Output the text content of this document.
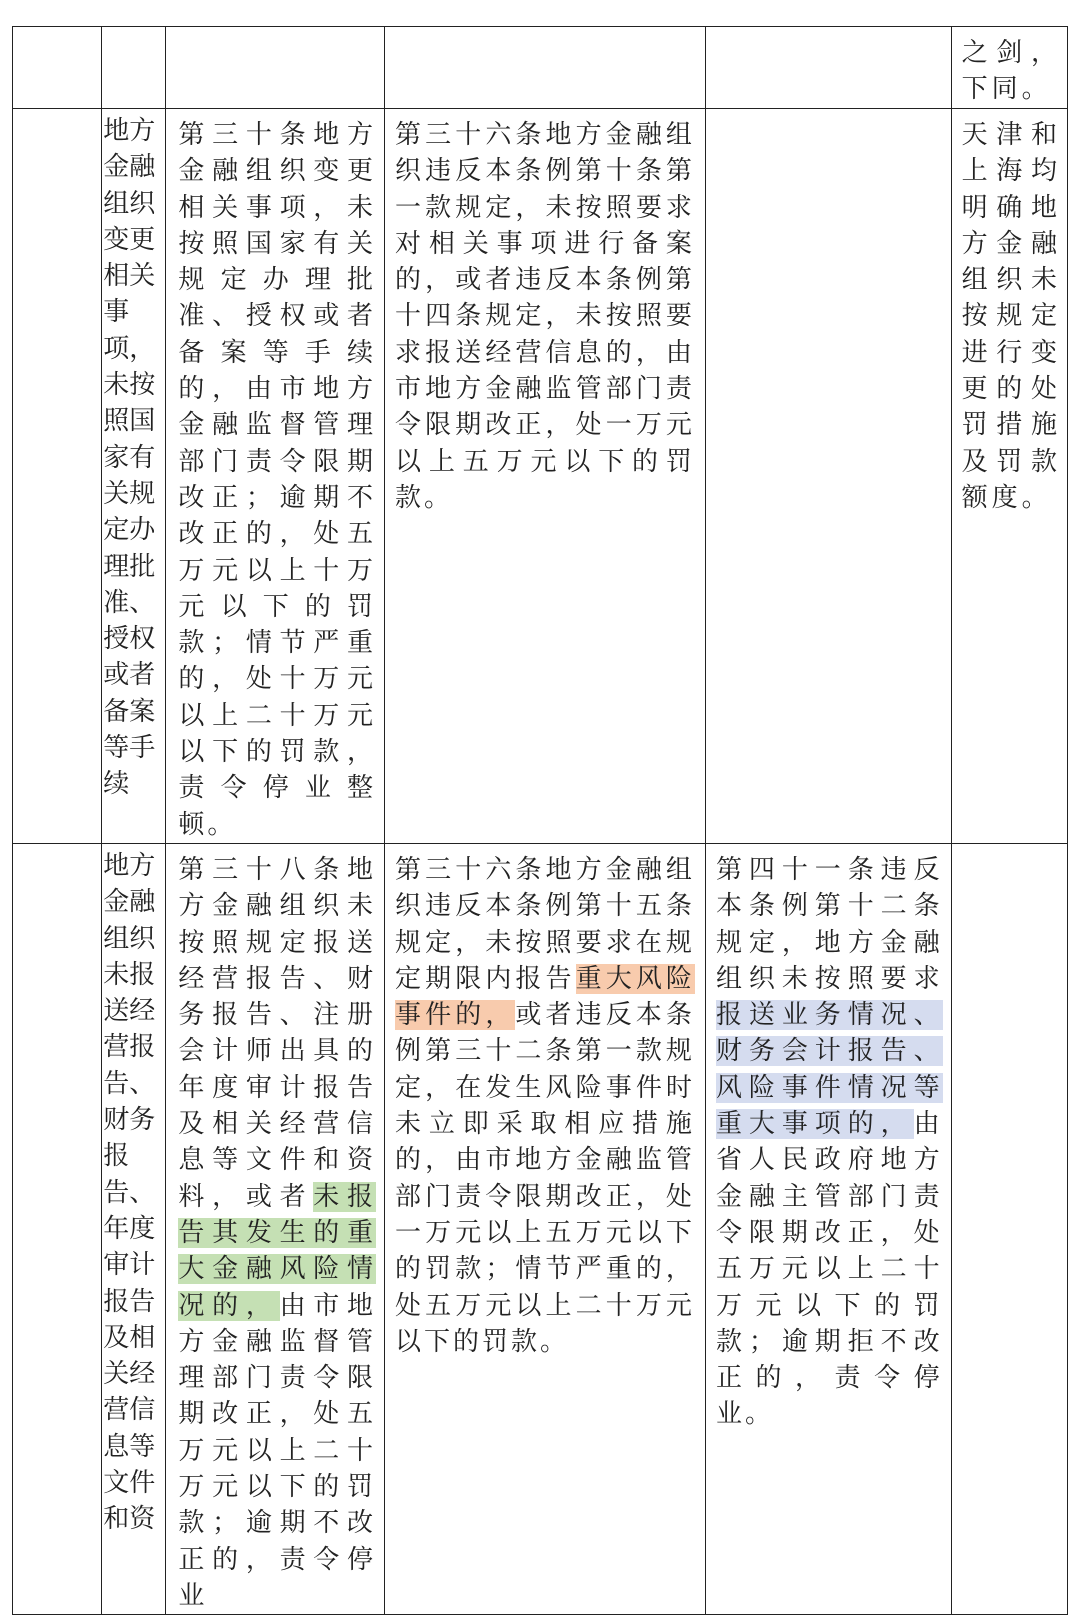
					之剑，下同。

	地方金融组织变更相关事项，未按照国家有关规定办理批准、授权或者备案等手续	第三十条地方金融组织变更相关事项，未按照国家有关规定办理批准、授权或者备案等手续的，由市地方金融监督管理部门责令限期改正；逾期不改正的，处五万元以上十万元以下的罚款；情节严重的，处十万元以上二十万元以下的罚款，责令停业整顿。	第三十六条地方金融组织违反本条例第十条第一款规定，未按照要求对相关事项进行备案的，或者违反本条例第十四条规定，未按照要求报送经营信息的，由市地方金融监管部门责令限期改正，处一万元以上五万元以下的罚款。		天津和上海均明确地方金融组织未按规定进行变更的处罚措施及罚款额度。

	地方金融组织未报送经营报告、财务报告、年度审计报告及相关经营信息等文件和资	第三十八条地方金融组织未按照规定报送经营报告、财务报告、注册会计师出具的年度审计报告及相关经营信息等文件和资料，或者未报告其发生的重大金融风险情况的，由市地方金融监督管理部门责令限期改正，处五万元以上二十万元以下的罚款；逾期不改正的，责令停业	第三十六条地方金融组织违反本条例第十五条规定，未按照要求在规定期限内报告重大风险事件的，或者违反本条例第三十二条第一款规定，在发生风险事件时未立即采取相应措施的，由市地方金融监管部门责令限期改正，处一万元以上五万元以下的罚款；情节严重的，处五万元以上二十万元以下的罚款。	第四十一条违反本条例第十二条规定，地方金融组织未按照要求报送业务情况、财务会计报告、风险事件情况等重大事项的，由省人民政府地方金融主管部门责令限期改正，处五万元以上二十万元以下的罚款；逾期拒不改正的，责令停业。	
